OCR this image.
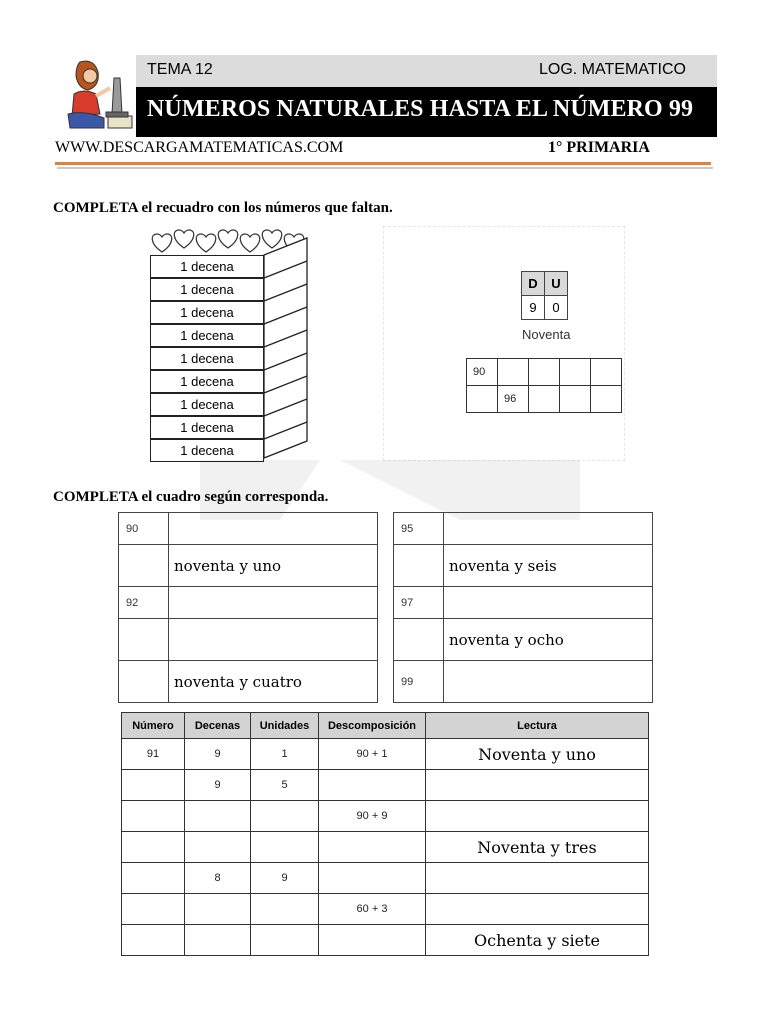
TEMA 12	LOG. MATEMATICO
NÚMEROS NATURALES HASTA EL NÚMERO 99
WWW.DESCARGAMATEMATICAS.COM	1° PRIMARIA
COMPLETA el recuadro con los números que faltan.
1 decena
1 decena
1 decena
1 decena
1 decena
1 decena
1 decena
1 decena
1 decena
D	U
9	0
Noventa
90				
	96			
COMPLETA el cuadro según corresponda.
90	
	noventa y uno
92	

	noventa y cuatro
95	
	noventa y seis
97	
	noventa y ocho
99	
Número	Decenas	Unidades	Descomposición	Lectura
91	9	1	90 + 1	Noventa y uno
	9	5		
			90 + 9	
				Noventa y tres
	8	9		
			60 + 3	
				Ochenta y siete
